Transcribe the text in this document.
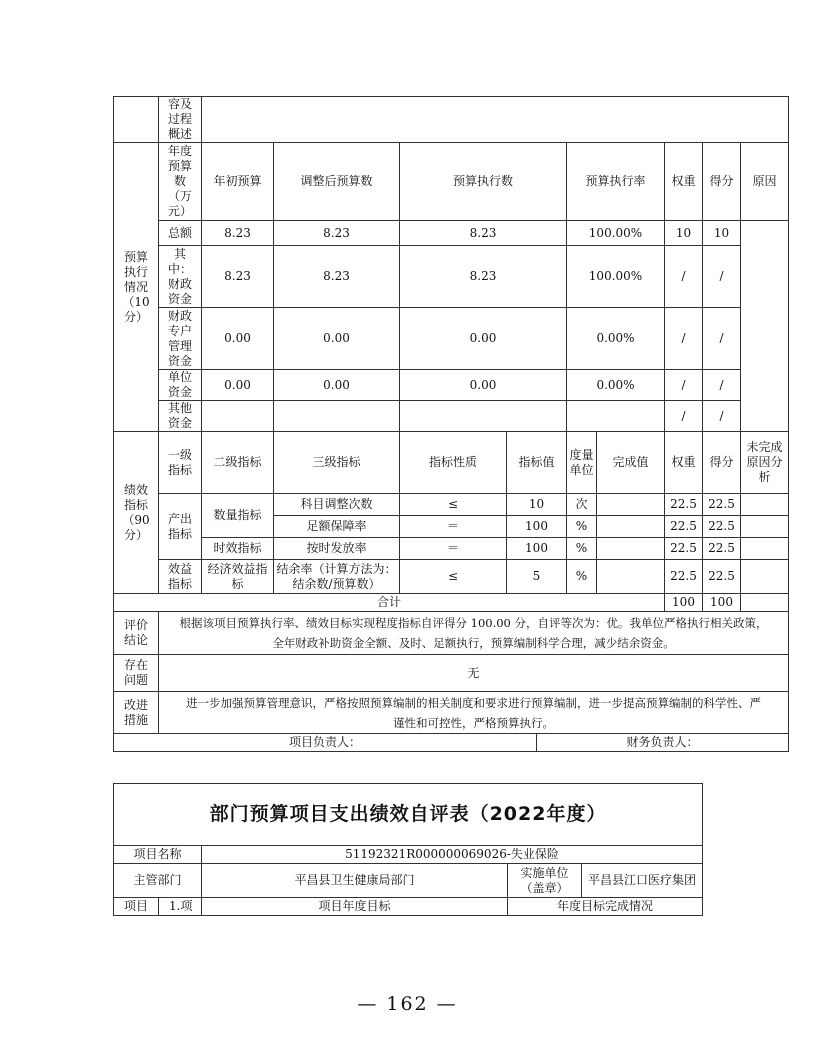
	容及过程概述										
预算执行情况（10分）	年度预算数（万元）	年初预算	调整后预算数	预算执行数			预算执行率		权重	得分	原因
	总额	8.23	8.23	8.23			100.00%		10	10	
	其中：财政资金	8.23	8.23	8.23			100.00%		/	/	
	财政专户管理资金	0.00	0.00	0.00			0.00%		/	/	
	单位资金	0.00	0.00	0.00			0.00%		/	/	
	其他资金								/	/	
绩效指标（90分）	一级指标	二级指标	三级指标	指标性质	指标值		度量单位	完成值	权重	得分	未完成原因分析
	产出指标	数量指标	科目调整次数	≤	10		次		22.5	22.5	
			足额保障率	＝	100		%		22.5	22.5	
		时效指标	按时发放率	＝	100		%		22.5	22.5	
	效益指标	经济效益指标	结余率（计算方法为：结余数/预算数）	≤	5		%		22.5	22.5	
合计									100	100	
评价结论	根据该项目预算执行率、绩效目标实现程度指标自评得分 100.00 分，自评等次为：优。我单位严格执行相关政策，
全年财政补助资金全额、及时、足额执行，预算编制科学合理，减少结余资金。										

存在问题	无										
改进措施	进一步加强预算管理意识，严格按照预算编制的相关制度和要求进行预算编制，进一步提高预算编制的科学性、严
谨性和可控性，严格预算执行。										

项目负责人：						财务负责人：					
部门预算项目支出绩效自评表（2022年度）				
项目名称		51192321R000000069026-失业保险		
主管部门		平昌县卫生健康局部门	实施单位（盖章）	平昌县江口医疗集团
项目	1.项	项目年度目标	年度目标完成情况	
— 162 —
